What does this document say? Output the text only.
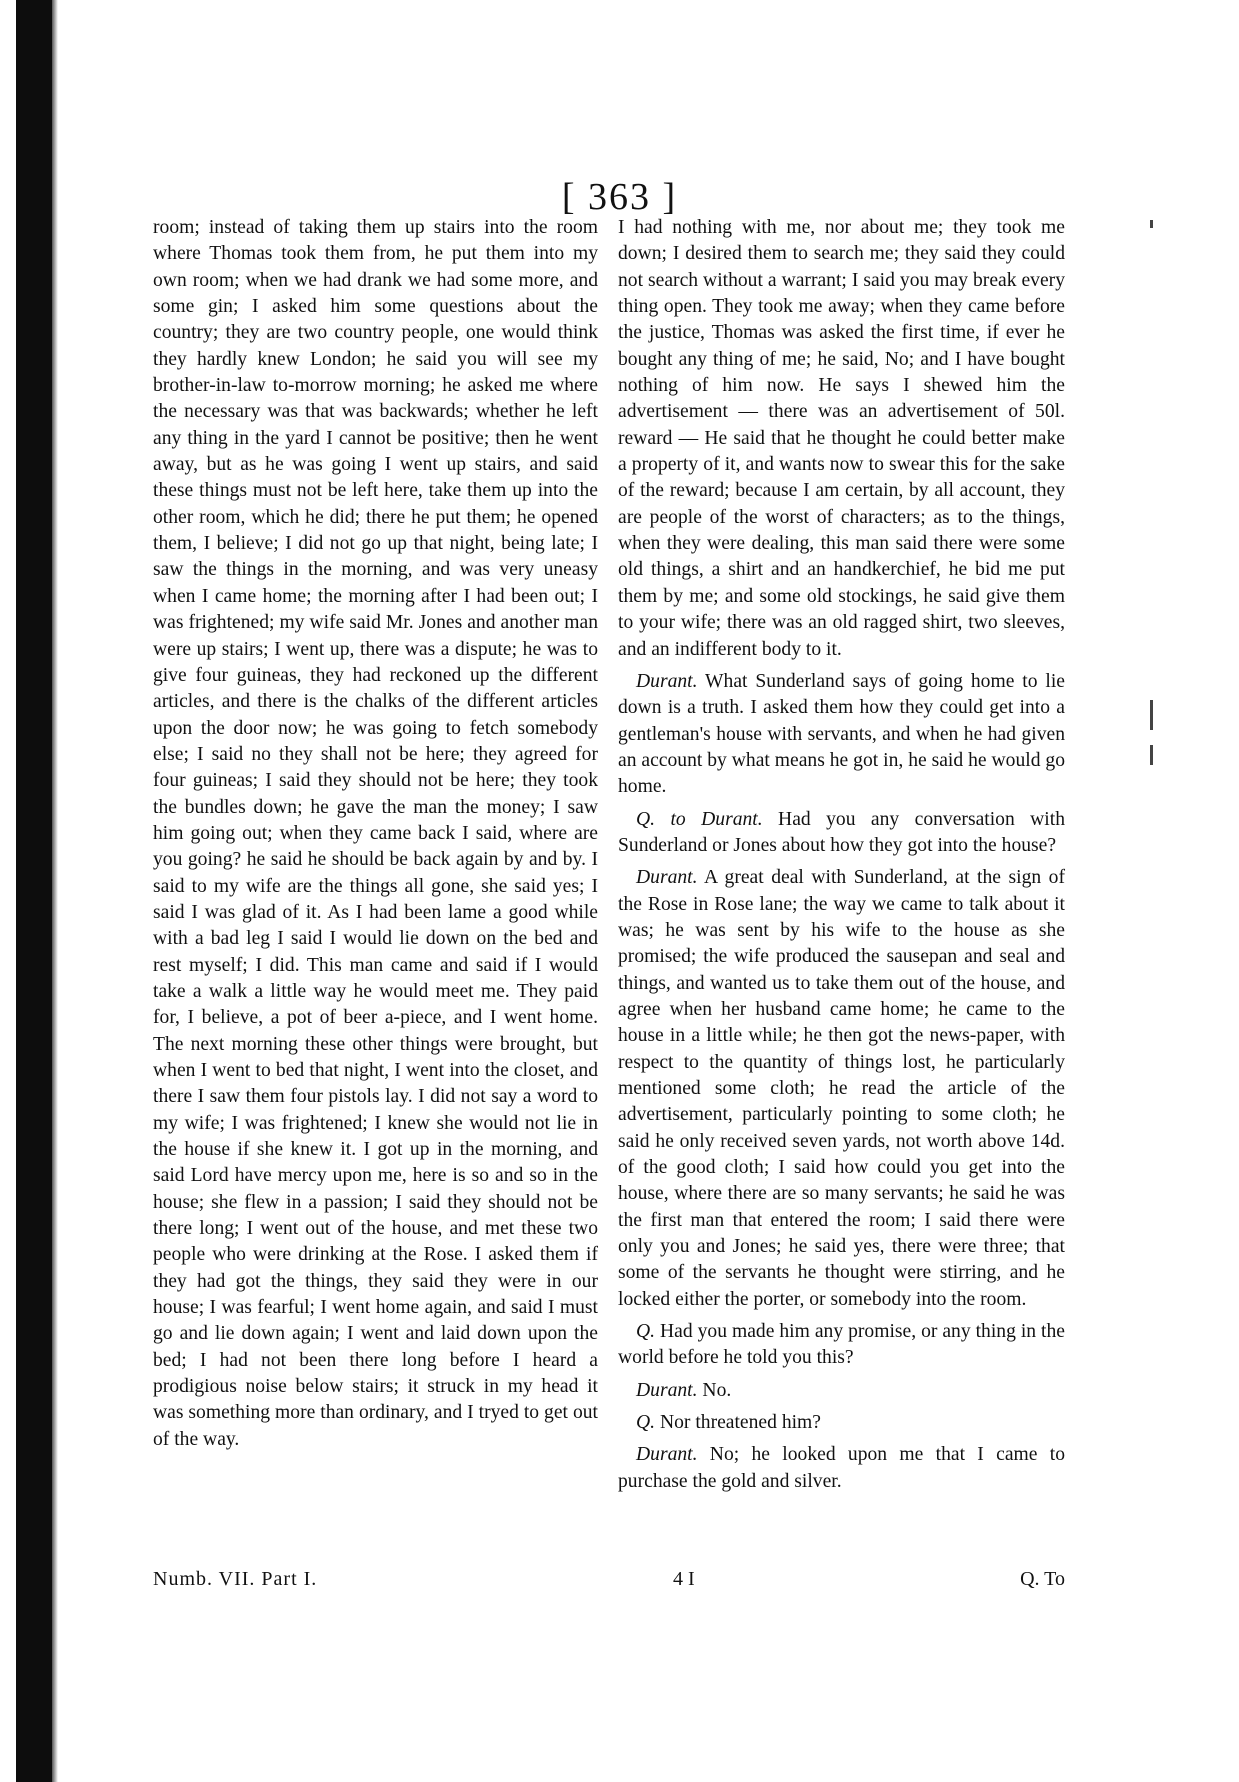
[ 363 ]

room; instead of taking them up stairs into the room where Thomas took them from, he put them into my own room; when we had drank we had some more, and some gin; I asked him some questions about the country; they are two country people, one would think they hardly knew London; he said you will see my brother-in-law to-morrow morning; he asked me where the necessary was that was backwards; whether he left any thing in the yard I cannot be positive; then he went away, but as he was going I went up stairs, and said these things must not be left here, take them up into the other room, which he did; there he put them; he opened them, I believe; I did not go up that night, being late; I saw the things in the morning, and was very uneasy when I came home; the morning after I had been out; I was frightened; my wife said Mr. Jones and another man were up stairs; I went up, there was a dispute; he was to give four guineas, they had reckoned up the different articles, and there is the chalks of the different articles upon the door now; he was going to fetch somebody else; I said no they shall not be here; they agreed for four guineas; I said they should not be here; they took the bundles down; he gave the man the money; I saw him going out; when they came back I said, where are you going? he said he should be back again by and by. I said to my wife are the things all gone, she said yes; I said I was glad of it. As I had been lame a good while with a bad leg I said I would lie down on the bed and rest myself; I did. This man came and said if I would take a walk a little way he would meet me. They paid for, I believe, a pot of beer a-piece, and I went home. The next morning these other things were brought, but when I went to bed that night, I went into the closet, and there I saw them four pistols lay. I did not say a word to my wife; I was frightened; I knew she would not lie in the house if she knew it. I got up in the morning, and said Lord have mercy upon me, here is so and so in the house; she flew in a passion; I said they should not be there long; I went out of the house, and met these two people who were drinking at the Rose. I asked them if they had got the things, they said they were in our house; I was fearful; I went home again, and said I must go and lie down again; I went and laid down upon the bed; I had not been there long before I heard a prodigious noise below stairs; it struck in my head it was something more than ordinary, and I tryed to get out of the way.

I had nothing with me, nor about me; they took me down; I desired them to search me; they said they could not search without a warrant; I said you may break every thing open. They took me away; when they came before the justice, Thomas was asked the first time, if ever he bought any thing of me; he said, No; and I have bought nothing of him now. He says I shewed him the advertisement — there was an advertisement of 50l. reward — He said that he thought he could better make a property of it, and wants now to swear this for the sake of the reward; because I am certain, by all account, they are people of the worst of characters; as to the things, when they were dealing, this man said there were some old things, a shirt and an handkerchief, he bid me put them by me; and some old stockings, he said give them to your wife; there was an old ragged shirt, two sleeves, and an indifferent body to it.

Durant. What Sunderland says of going home to lie down is a truth. I asked them how they could get into a gentleman's house with servants, and when he had given an account by what means he got in, he said he would go home.

Q. to Durant. Had you any conversation with Sunderland or Jones about how they got into the house?

Durant. A great deal with Sunderland, at the sign of the Rose in Rose lane; the way we came to talk about it was; he was sent by his wife to the house as she promised; the wife produced the sausepan and seal and things, and wanted us to take them out of the house, and agree when her husband came home; he came to the house in a little while; he then got the news-paper, with respect to the quantity of things lost, he particularly mentioned some cloth; he read the article of the advertisement, particularly pointing to some cloth; he said he only received seven yards, not worth above 14d. of the good cloth; I said how could you get into the house, where there are so many servants; he said he was the first man that entered the room; I said there were only you and Jones; he said yes, there were three; that some of the servants he thought were stirring, and he locked either the porter, or somebody into the room.

Q. Had you made him any promise, or any thing in the world before he told you this?

Durant. No.

Q. Nor threatened him?

Durant. No; he looked upon me that I came to purchase the gold and silver.

Numb. VII. Part I.	4 I	Q. To
